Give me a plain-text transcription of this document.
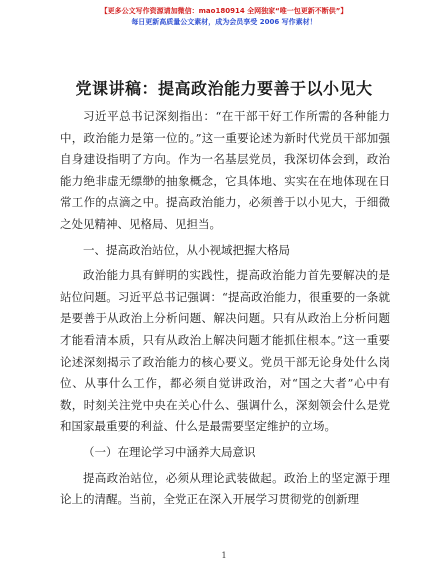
【更多公文写作资源请加微信：mao180914 全网独家“唯一包更新不断供”】
每日更新高质量公文素材，成为会员享受 2006 写作素材！
党课讲稿：提高政治能力要善于以小见大

习近平总书记深刻指出：“在干部干好工作所需的各种能力中，政治能力是第一位的。”这一重要论述为新时代党员干部加强自身建设指明了方向。作为一名基层党员，我深切体会到，政治能力绝非虚无缥缈的抽象概念，它具体地、实实在在地体现在日常工作的点滴之中。提高政治能力，必须善于以小见大，于细微之处见精神、见格局、见担当。

一、提高政治站位，从小视域把握大格局

政治能力具有鲜明的实践性，提高政治能力首先要解决的是站位问题。习近平总书记强调：“提高政治能力，很重要的一条就是要善于从政治上分析问题、解决问题。只有从政治上分析问题才能看清本质，只有从政治上解决问题才能抓住根本。”这一重要论述深刻揭示了政治能力的核心要义。党员干部无论身处什么岗位、从事什么工作，都必须自觉讲政治，对“国之大者”心中有数，时刻关注党中央在关心什么、强调什么，深刻领会什么是党和国家最重要的利益、什么是最需要坚定维护的立场。

（一）在理论学习中涵养大局意识

提高政治站位，必须从理论武装做起。政治上的坚定源于理论上的清醒。当前，全党正在深入开展学习贯彻党的创新理

1
